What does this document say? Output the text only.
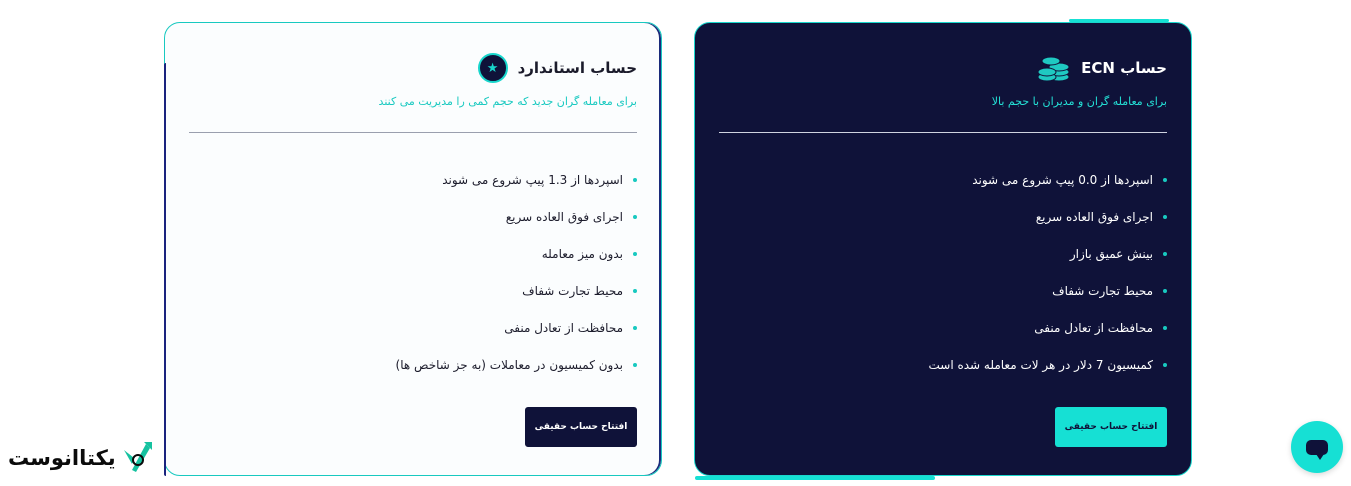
حساب استاندارد
★
برای معامله گران جدید که حجم کمی را مدیریت می کنند
اسپردها از 1.3 پیپ شروع می شوند
اجرای فوق العاده سریع
بدون میز معامله
محیط تجارت شفاف
محافظت از تعادل منفی
بدون کمیسیون در معاملات (به جز شاخص ها)
افتتاح حساب حقیقی
حساب ECN
برای معامله گران و مدیران با حجم بالا
اسپردها از 0.0 پیپ شروع می شوند
اجرای فوق العاده سریع
بینش عمیق بازار
محیط تجارت شفاف
محافظت از تعادل منفی
کمیسیون 7 دلار در هر لات معامله شده است
افتتاح حساب حقیقی
یکتاانوست
